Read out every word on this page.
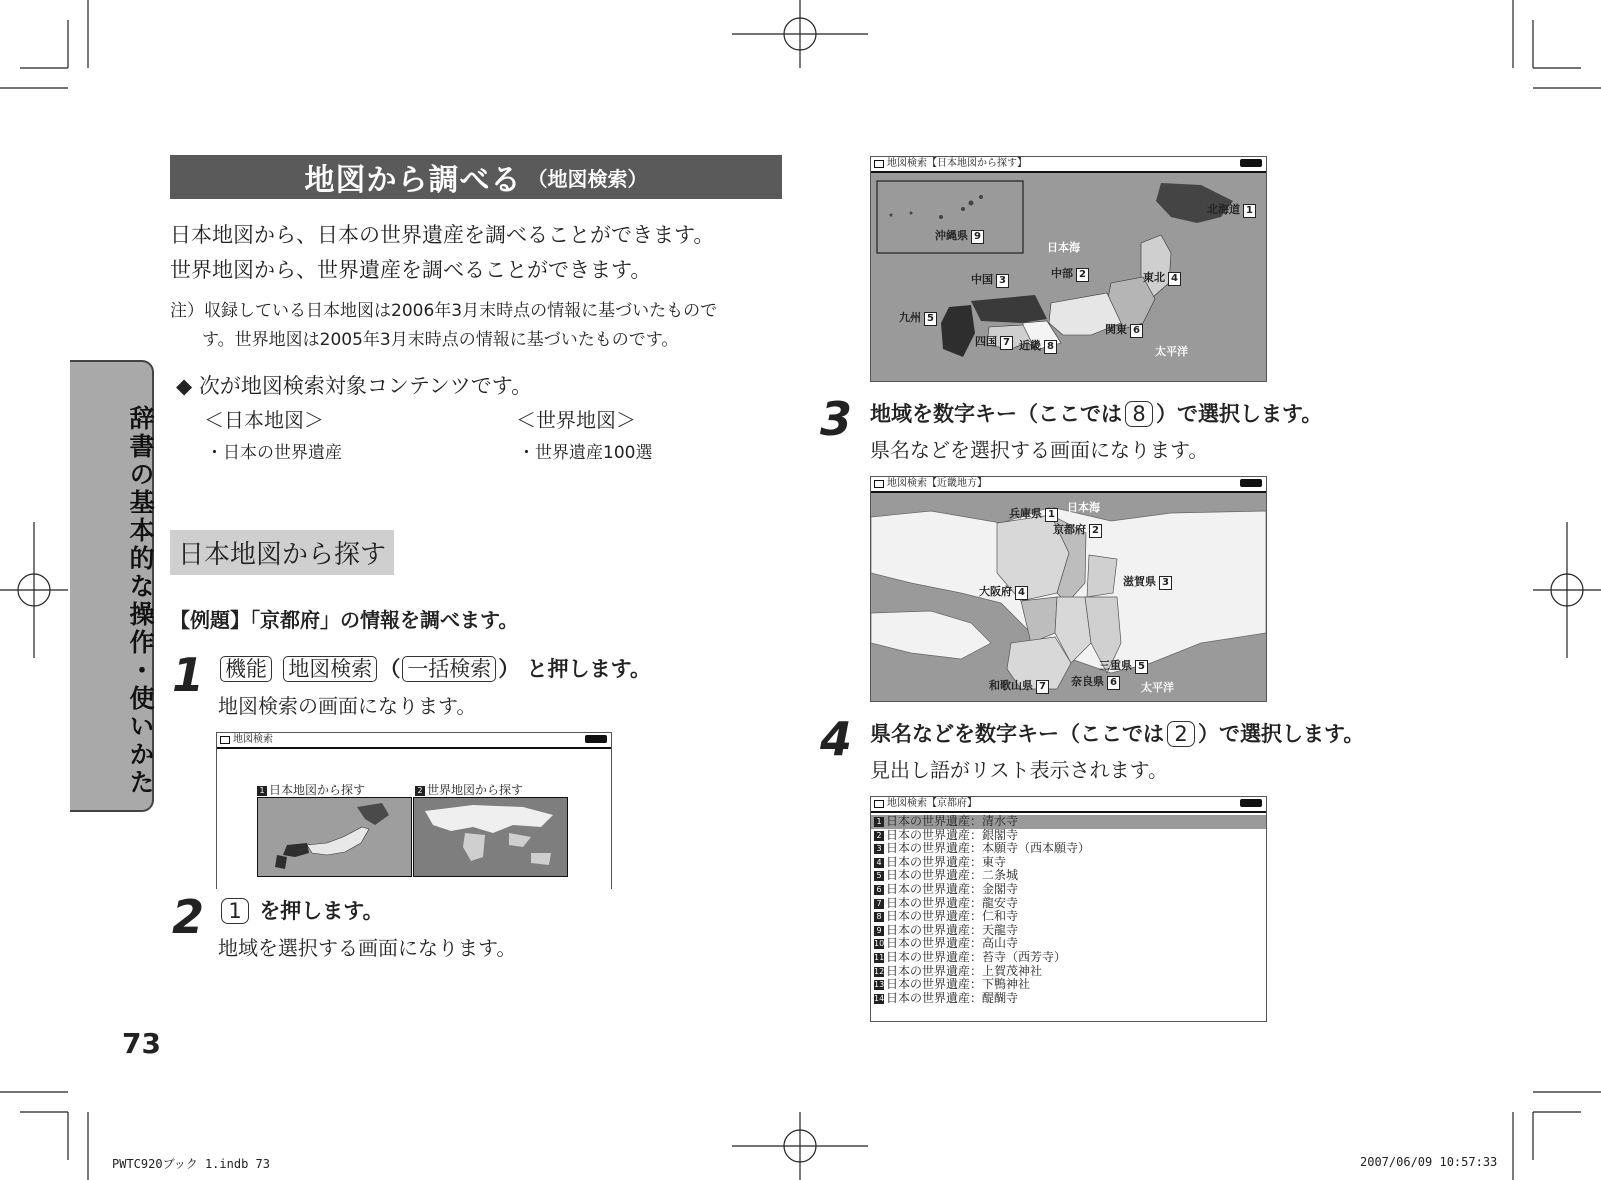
辞書の基本的な操作・使いかた
地図から調べる （地図検索）
日本地図から、日本の世界遺産を調べることができます。
世界地図から、世界遺産を調べることができます。
注）収録している日本地図は2006年3月末時点の情報に基づいたもので
す。世界地図は2005年3月末時点の情報に基づいたものです。
◆ 次が地図検索対象コンテンツです。
＜日本地図＞
・日本の世界遺産
＜世界地図＞
・世界遺産100選
日本地図から探す
【例題】「京都府」の情報を調べます。
1 機能 地図検索 （ 一括検索 ） と押します。
地図検索の画面になります。
地図検索
1 日本地図から探す	2 世界地図から探す
2	1 を押します。
地域を選択する画面になります。
73
地図検索【日本地図から探す】
日本海
太平洋
北海道 1
中部 2
中国 3	東北 4
九州 5
関東 6
四国 7 近畿 8
沖縄県 9
3 地域を数字キー（ここでは 8 ）で選択します。
県名などを選択する画面になります。
地図検索【近畿地方】
日本海
太平洋
兵庫県 1
京都府 2
滋賀県 3
大阪府 4
三重県 5
奈良県 6
和歌山県 7
4 県名などを数字キー（ここでは 2 ）で選択します。
見出し語がリスト表示されます。
地図検索【京都府】
1 日本の世界遺産：清水寺
2 日本の世界遺産：銀閣寺
3 日本の世界遺産：本願寺（西本願寺）
4 日本の世界遺産：東寺
5 日本の世界遺産：二条城
6 日本の世界遺産：金閣寺
7 日本の世界遺産：龍安寺
8 日本の世界遺産：仁和寺
9 日本の世界遺産：天龍寺
10 日本の世界遺産：高山寺
11 日本の世界遺産：苔寺（西芳寺）
12 日本の世界遺産：上賀茂神社
13 日本の世界遺産：下鴨神社
14 日本の世界遺産：醍醐寺
PWTC920ブック 1.indb 73	2007/06/09 10:57:33
